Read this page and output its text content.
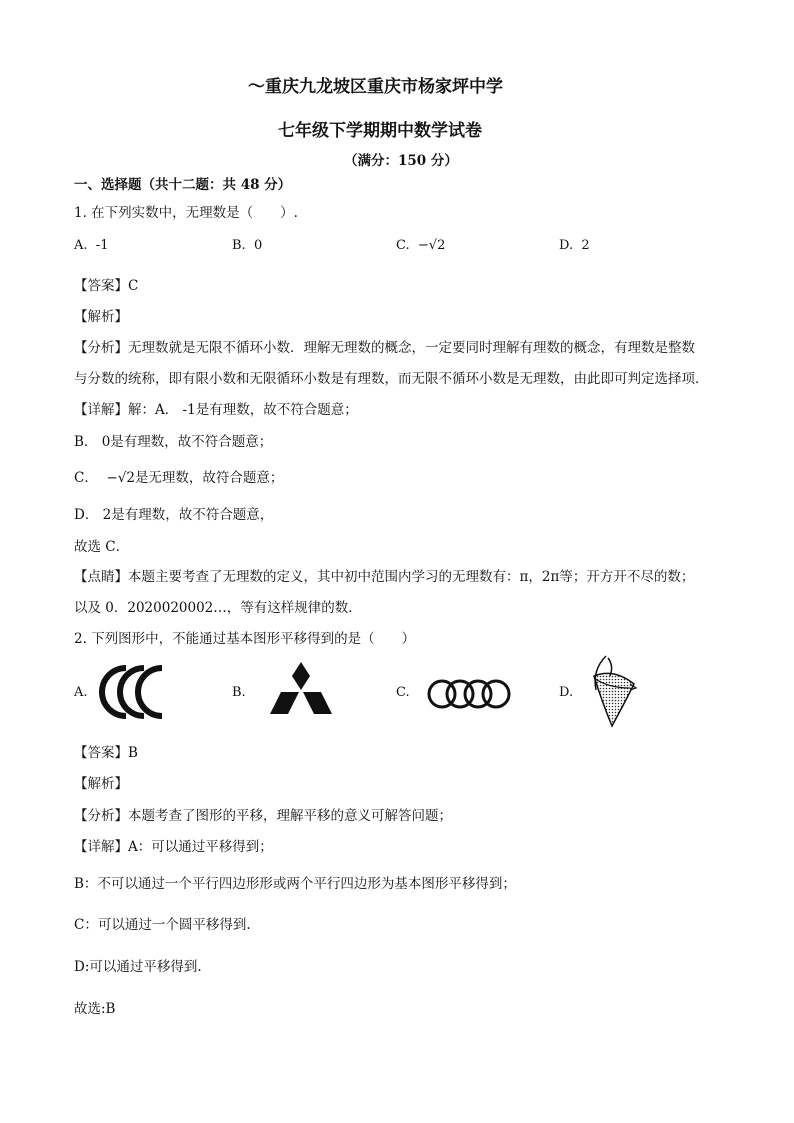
～重庆九龙坡区重庆市杨家坪中学
七年级下学期期中数学试卷
（满分：150 分）
一、选择题（共十二题：共 48 分）
1. 在下列实数中，无理数是（　　）.
A. -1	B. 0	C. −√2	D. 2
【答案】C
【解析】
【分析】无理数就是无限不循环小数．理解无理数的概念，一定要同时理解有理数的概念，有理数是整数
与分数的统称，即有限小数和无限循环小数是有理数，而无限不循环小数是无理数，由此即可判定选择项．
【详解】解：A． -1是有理数，故不符合题意；
B． 0是有理数，故不符合题意；
C．  −√2是无理数，故符合题意；
D． 2是有理数，故不符合题意，
故选 C．
【点睛】本题主要考查了无理数的定义，其中初中范围内学习的无理数有：π，2π等；开方开不尽的数；
以及 0．2020020002…，等有这样规律的数．
2. 下列图形中，不能通过基本图形平移得到的是（　　）
A.	B.	C.	D.
【答案】B
【解析】
【分析】本题考查了图形的平移，理解平移的意义可解答问题；
【详解】A：可以通过平移得到；
B：不可以通过一个平行四边形形或两个平行四边形为基本图形平移得到；
C：可以通过一个圆平移得到.
D:可以通过平移得到.
故选:B
